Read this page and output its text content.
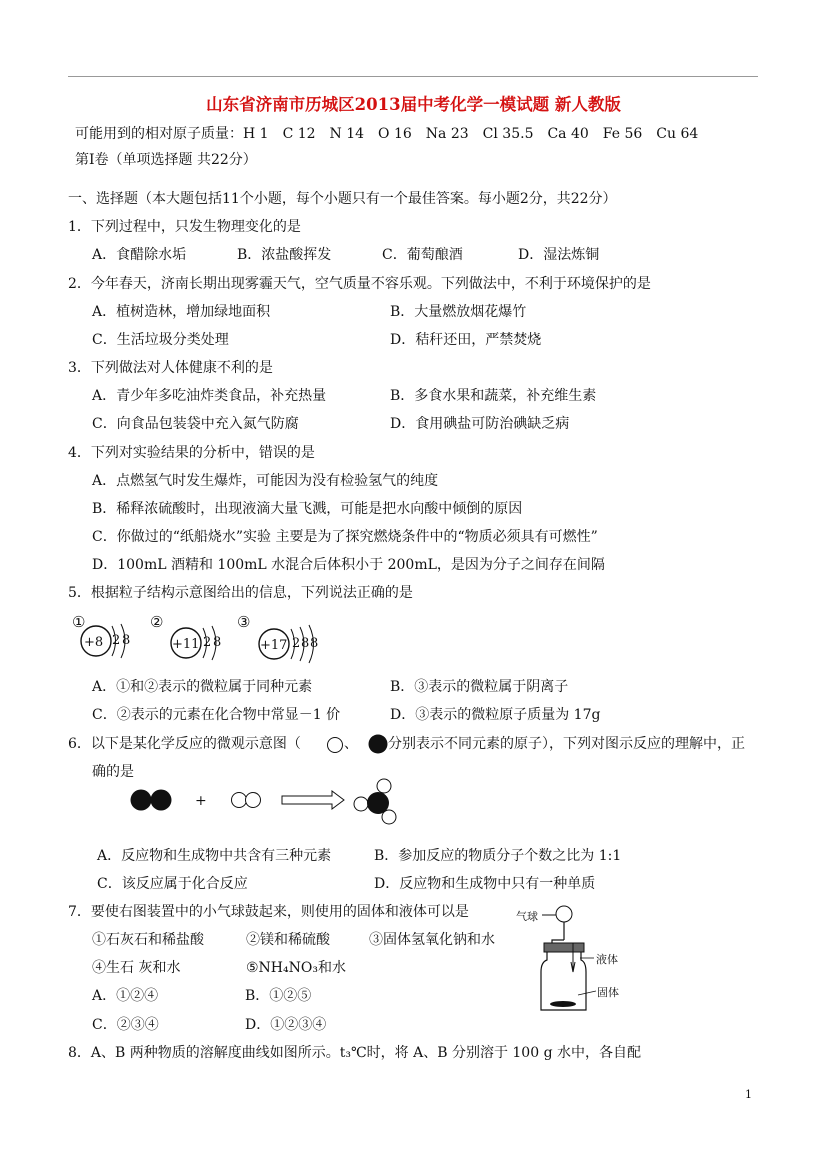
山东省济南市历城区2013届中考化学一模试题 新人教版
可能用到的相对原子质量：H 1　C 12　N 14　O 16　Na 23　Cl 35.5　Ca 40　Fe 56　Cu 64
第Ⅰ卷（单项选择题 共22分）
一、选择题（本大题包括11个小题，每个小题只有一个最佳答案。每小题2分，共22分）
1．下列过程中，只发生物理变化的是
A．食醋除水垢	B．浓盐酸挥发	C．葡萄酿酒	D．湿法炼铜
2．今年春天，济南长期出现雾霾天气，空气质量不容乐观。下列做法中，不利于环境保护的是
A．植树造林，增加绿地面积	B．大量燃放烟花爆竹
C．生活垃圾分类处理	D．秸秆还田，严禁焚烧
3．下列做法对人体健康不利的是
A．青少年多吃油炸类食品，补充热量	B．多食水果和蔬菜，补充维生素
C．向食品包装袋中充入氮气防腐	D．食用碘盐可防治碘缺乏病
4．下列对实验结果的分析中，错误的是
A．点燃氢气时发生爆炸，可能因为没有检验氢气的纯度
B．稀释浓硫酸时，出现液滴大量飞溅，可能是把水向酸中倾倒的原因
C．你做过的“纸船烧水”实验 主要是为了探究燃烧条件中的“物质必须具有可燃性”
D．100mL 酒精和 100mL 水混合后体积小于 200mL，是因为分子之间存在间隔
5．根据粒子结构示意图给出的信息，下列说法正确的是
①	②	③
+8 2 8	+11 2 8	+17 2 8 8
A．①和②表示的微粒属于同种元素	B．③表示的微粒属于阴离子
C．②表示的元素在化合物中常显－1 价	D．③表示的微粒原子质量为 17g
6．以下是某化学反应的微观示意图（	、 分别表示不同元素的原子），下列对图示反应的理解中，正
确的是
+
A．反应物和生成物中共含有三种元素	B．参加反应的物质分子个数之比为 1:1
C．该反应属于化合反应	D．反应物和生成物中只有一种单质
7．要使右图装置中的小气球鼓起来，则使用的固体和液体可以是
①石灰石和稀盐酸	②镁和稀硫酸	③固体氢氧化钠和水
④生石 灰和水	⑤NH₄NO₃和水
A．①②④	B．①②⑤
C．②③④	D．①②③④
气球
液体
固体
8．A、B 两种物质的溶解度曲线如图所示。t₃℃时，将 A、B 分别溶于 100 g 水中，各自配
1
